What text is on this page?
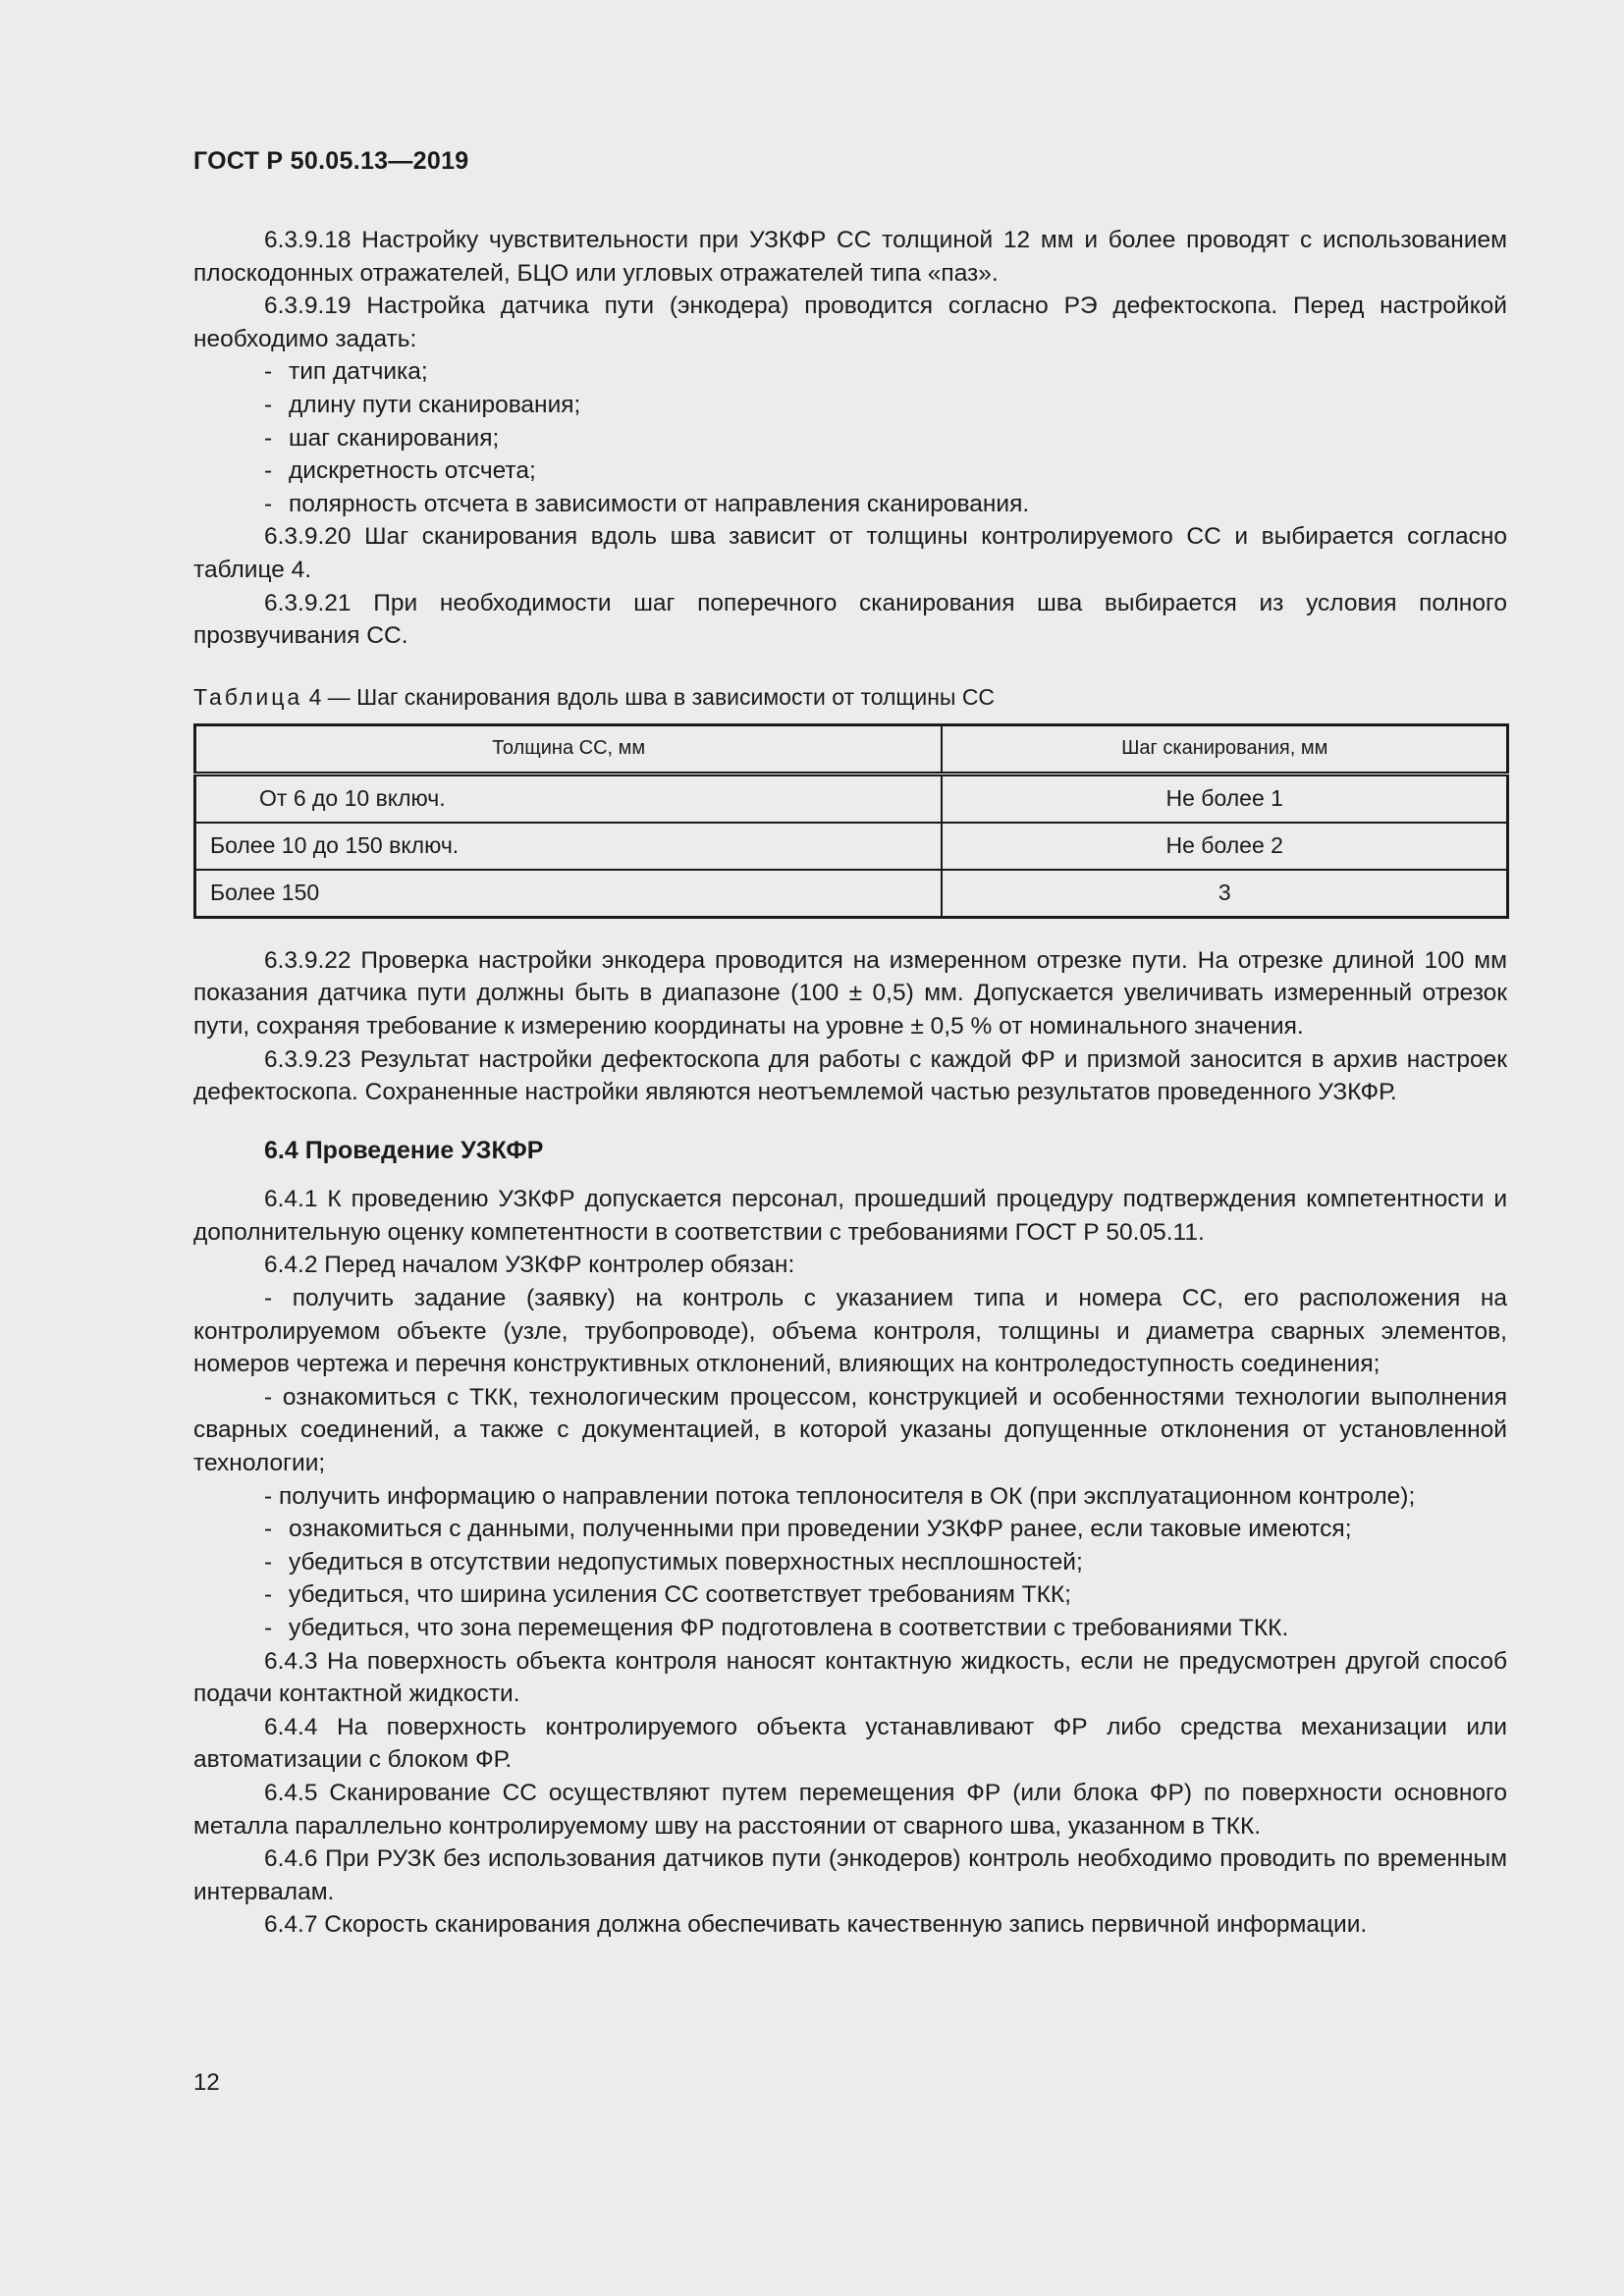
ГОСТ Р 50.05.13—2019

6.3.9.18 Настройку чувствительности при УЗКФР СС толщиной 12 мм и более проводят с использованием плоскодонных отражателей, БЦО или угловых отражателей типа «паз».

6.3.9.19 Настройка датчика пути (энкодера) проводится согласно РЭ дефектоскопа. Перед настройкой необходимо задать:

- тип датчика;
- длину пути сканирования;
- шаг сканирования;
- дискретность отсчета;
- полярность отсчета в зависимости от направления сканирования.

6.3.9.20 Шаг сканирования вдоль шва зависит от толщины контролируемого СС и выбирается согласно таблице 4.

6.3.9.21 При необходимости шаг поперечного сканирования шва выбирается из условия полного прозвучивания СС.

Таблица 4 — Шаг сканирования вдоль шва в зависимости от толщины СС
Толщина СС, мм	Шаг сканирования, мм
От 6 до 10 включ.	Не более 1
Более 10 до 150 включ.	Не более 2
Более 150	3

6.3.9.22 Проверка настройки энкодера проводится на измеренном отрезке пути. На отрезке длиной 100 мм показания датчика пути должны быть в диапазоне (100 ± 0,5) мм. Допускается увеличивать измеренный отрезок пути, сохраняя требование к измерению координаты на уровне ± 0,5 % от номинального значения.

6.3.9.23 Результат настройки дефектоскопа для работы с каждой ФР и призмой заносится в архив настроек дефектоскопа. Сохраненные настройки являются неотъемлемой частью результатов проведенного УЗКФР.

6.4 Проведение УЗКФР

6.4.1 К проведению УЗКФР допускается персонал, прошедший процедуру подтверждения компетентности и дополнительную оценку компетентности в соответствии с требованиями ГОСТ Р 50.05.11.

6.4.2 Перед началом УЗКФР контролер обязан:

- получить задание (заявку) на контроль с указанием типа и номера СС, его расположения на контролируемом объекте (узле, трубопроводе), объема контроля, толщины и диаметра сварных элементов, номеров чертежа и перечня конструктивных отклонений, влияющих на контроледоступность соединения;

- ознакомиться с ТКК, технологическим процессом, конструкцией и особенностями технологии выполнения сварных соединений, а также с документацией, в которой указаны допущенные отклонения от установленной технологии;

- получить информацию о направлении потока теплоносителя в ОК (при эксплуатационном контроле);

- ознакомиться с данными, полученными при проведении УЗКФР ранее, если таковые имеются;
- убедиться в отсутствии недопустимых поверхностных несплошностей;
- убедиться, что ширина усиления СС соответствует требованиям ТКК;
- убедиться, что зона перемещения ФР подготовлена в соответствии с требованиями ТКК.

6.4.3 На поверхность объекта контроля наносят контактную жидкость, если не предусмотрен другой способ подачи контактной жидкости.

6.4.4 На поверхность контролируемого объекта устанавливают ФР либо средства механизации или автоматизации с блоком ФР.

6.4.5 Сканирование СС осуществляют путем перемещения ФР (или блока ФР) по поверхности основного металла параллельно контролируемому шву на расстоянии от сварного шва, указанном в ТКК.

6.4.6 При РУЗК без использования датчиков пути (энкодеров) контроль необходимо проводить по временным интервалам.

6.4.7 Скорость сканирования должна обеспечивать качественную запись первичной информации.

12
